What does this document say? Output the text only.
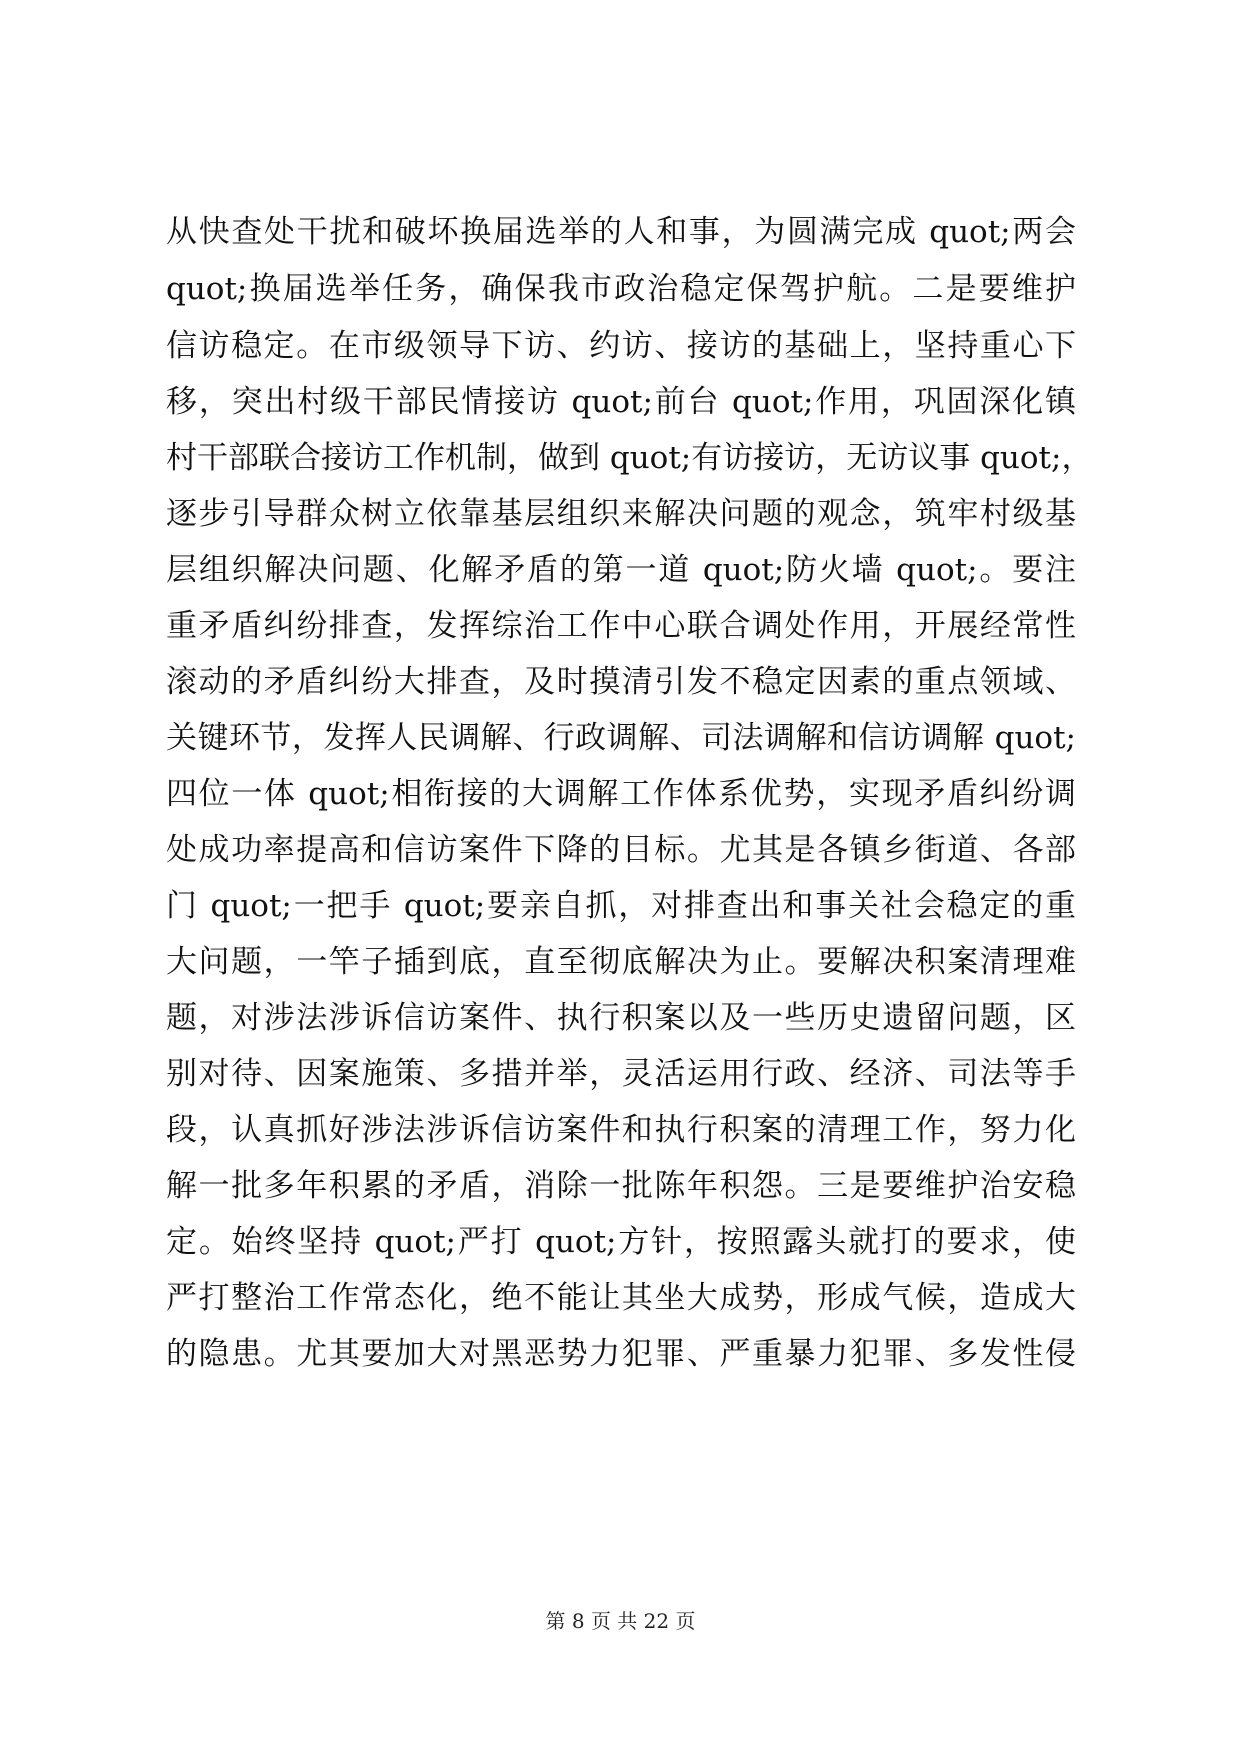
从快查处干扰和破坏换届选举的人和事，为圆满完成 quot;两会
quot;换届选举任务，确保我市政治稳定保驾护航。二是要维护
信访稳定。在市级领导下访、约访、接访的基础上，坚持重心下
移，突出村级干部民情接访 quot;前台 quot;作用，巩固深化镇
村干部联合接访工作机制，做到 quot;有访接访，无访议事 quot;，
逐步引导群众树立依靠基层组织来解决问题的观念，筑牢村级基
层组织解决问题、化解矛盾的第一道 quot;防火墙 quot;。要注
重矛盾纠纷排查，发挥综治工作中心联合调处作用，开展经常性
滚动的矛盾纠纷大排查，及时摸清引发不稳定因素的重点领域、
关键环节，发挥人民调解、行政调解、司法调解和信访调解 quot;
四位一体 quot;相衔接的大调解工作体系优势，实现矛盾纠纷调
处成功率提高和信访案件下降的目标。尤其是各镇乡街道、各部
门 quot;一把手 quot;要亲自抓，对排查出和事关社会稳定的重
大问题，一竿子插到底，直至彻底解决为止。要解决积案清理难
题，对涉法涉诉信访案件、执行积案以及一些历史遗留问题，区
别对待、因案施策、多措并举，灵活运用行政、经济、司法等手
段，认真抓好涉法涉诉信访案件和执行积案的清理工作，努力化
解一批多年积累的矛盾，消除一批陈年积怨。三是要维护治安稳
定。始终坚持 quot;严打 quot;方针，按照露头就打的要求，使
严打整治工作常态化，绝不能让其坐大成势，形成气候，造成大
的隐患。尤其要加大对黑恶势力犯罪、严重暴力犯罪、多发性侵
第 8 页 共 22 页
